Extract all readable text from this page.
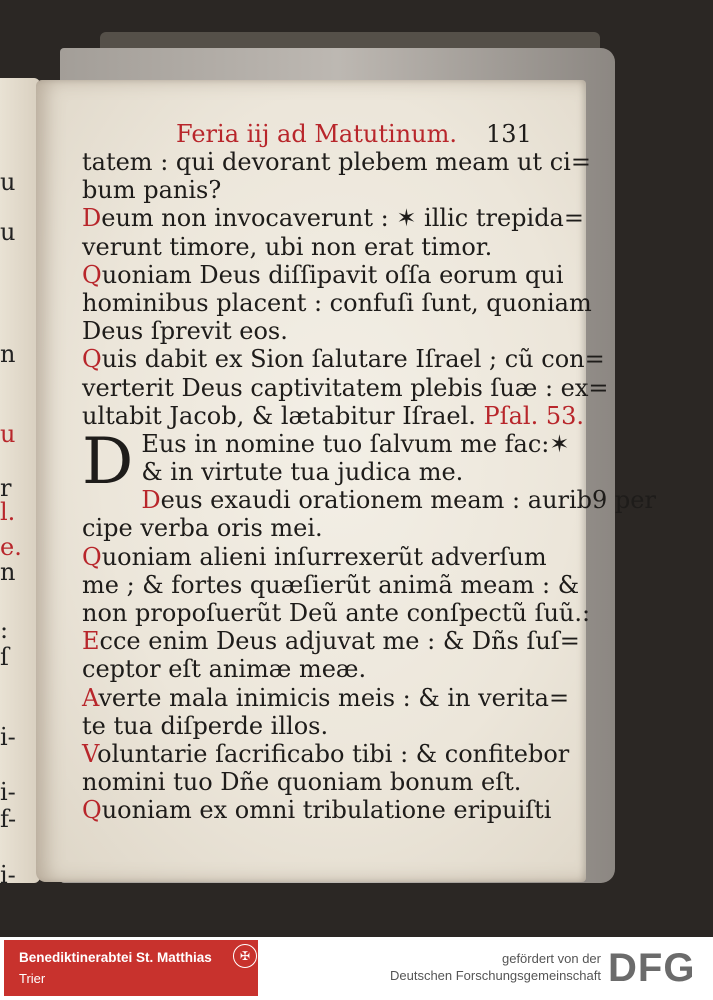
u
u
n
u
r
l.
e.
n
:
ſ
i-
i-
f-
i-
Feria iij ad Matutinum. 131
tatem : qui devorant plebem meam ut ci=
bum panis?
Deum non invocaverunt : ✶ illic trepida=
verunt timore, ubi non erat timor.
Quoniam Deus diſſipavit oſſa eorum qui
hominibus placent : confuſi ſunt, quoniam
Deus ſprevit eos.
Quis dabit ex Sion ſalutare Iſrael ; cũ con=
verterit Deus captivitatem plebis ſuæ : ex=
ultabit Jacob, & lætabitur Iſrael. Pſal. 53.
D Eus in nomine tuo ſalvum me fac:✶
& in virtute tua judica me.
Deus exaudi orationem meam : aurib9 per
cipe verba oris mei.
Quoniam alieni inſurrexerũt adverſum
me ; & fortes quæſierũt animã meam : &
non propoſuerũt Deũ ante conſpectũ ſuũ.:
Ecce enim Deus adjuvat me : & Dñs ſuſ=
ceptor eſt animæ meæ.
Averte mala inimicis meis : & in verita=
te tua diſperde illos.
Voluntarie ſacrificabo tibi : & confitebor
nomini tuo Dñe quoniam bonum eſt.
Quoniam ex omni tribulatione eripuiſti
Benediktinerabtei St. Matthias
Trier
✠	gefördert von der
Deutschen Forschungsgemeinschaft DFG
